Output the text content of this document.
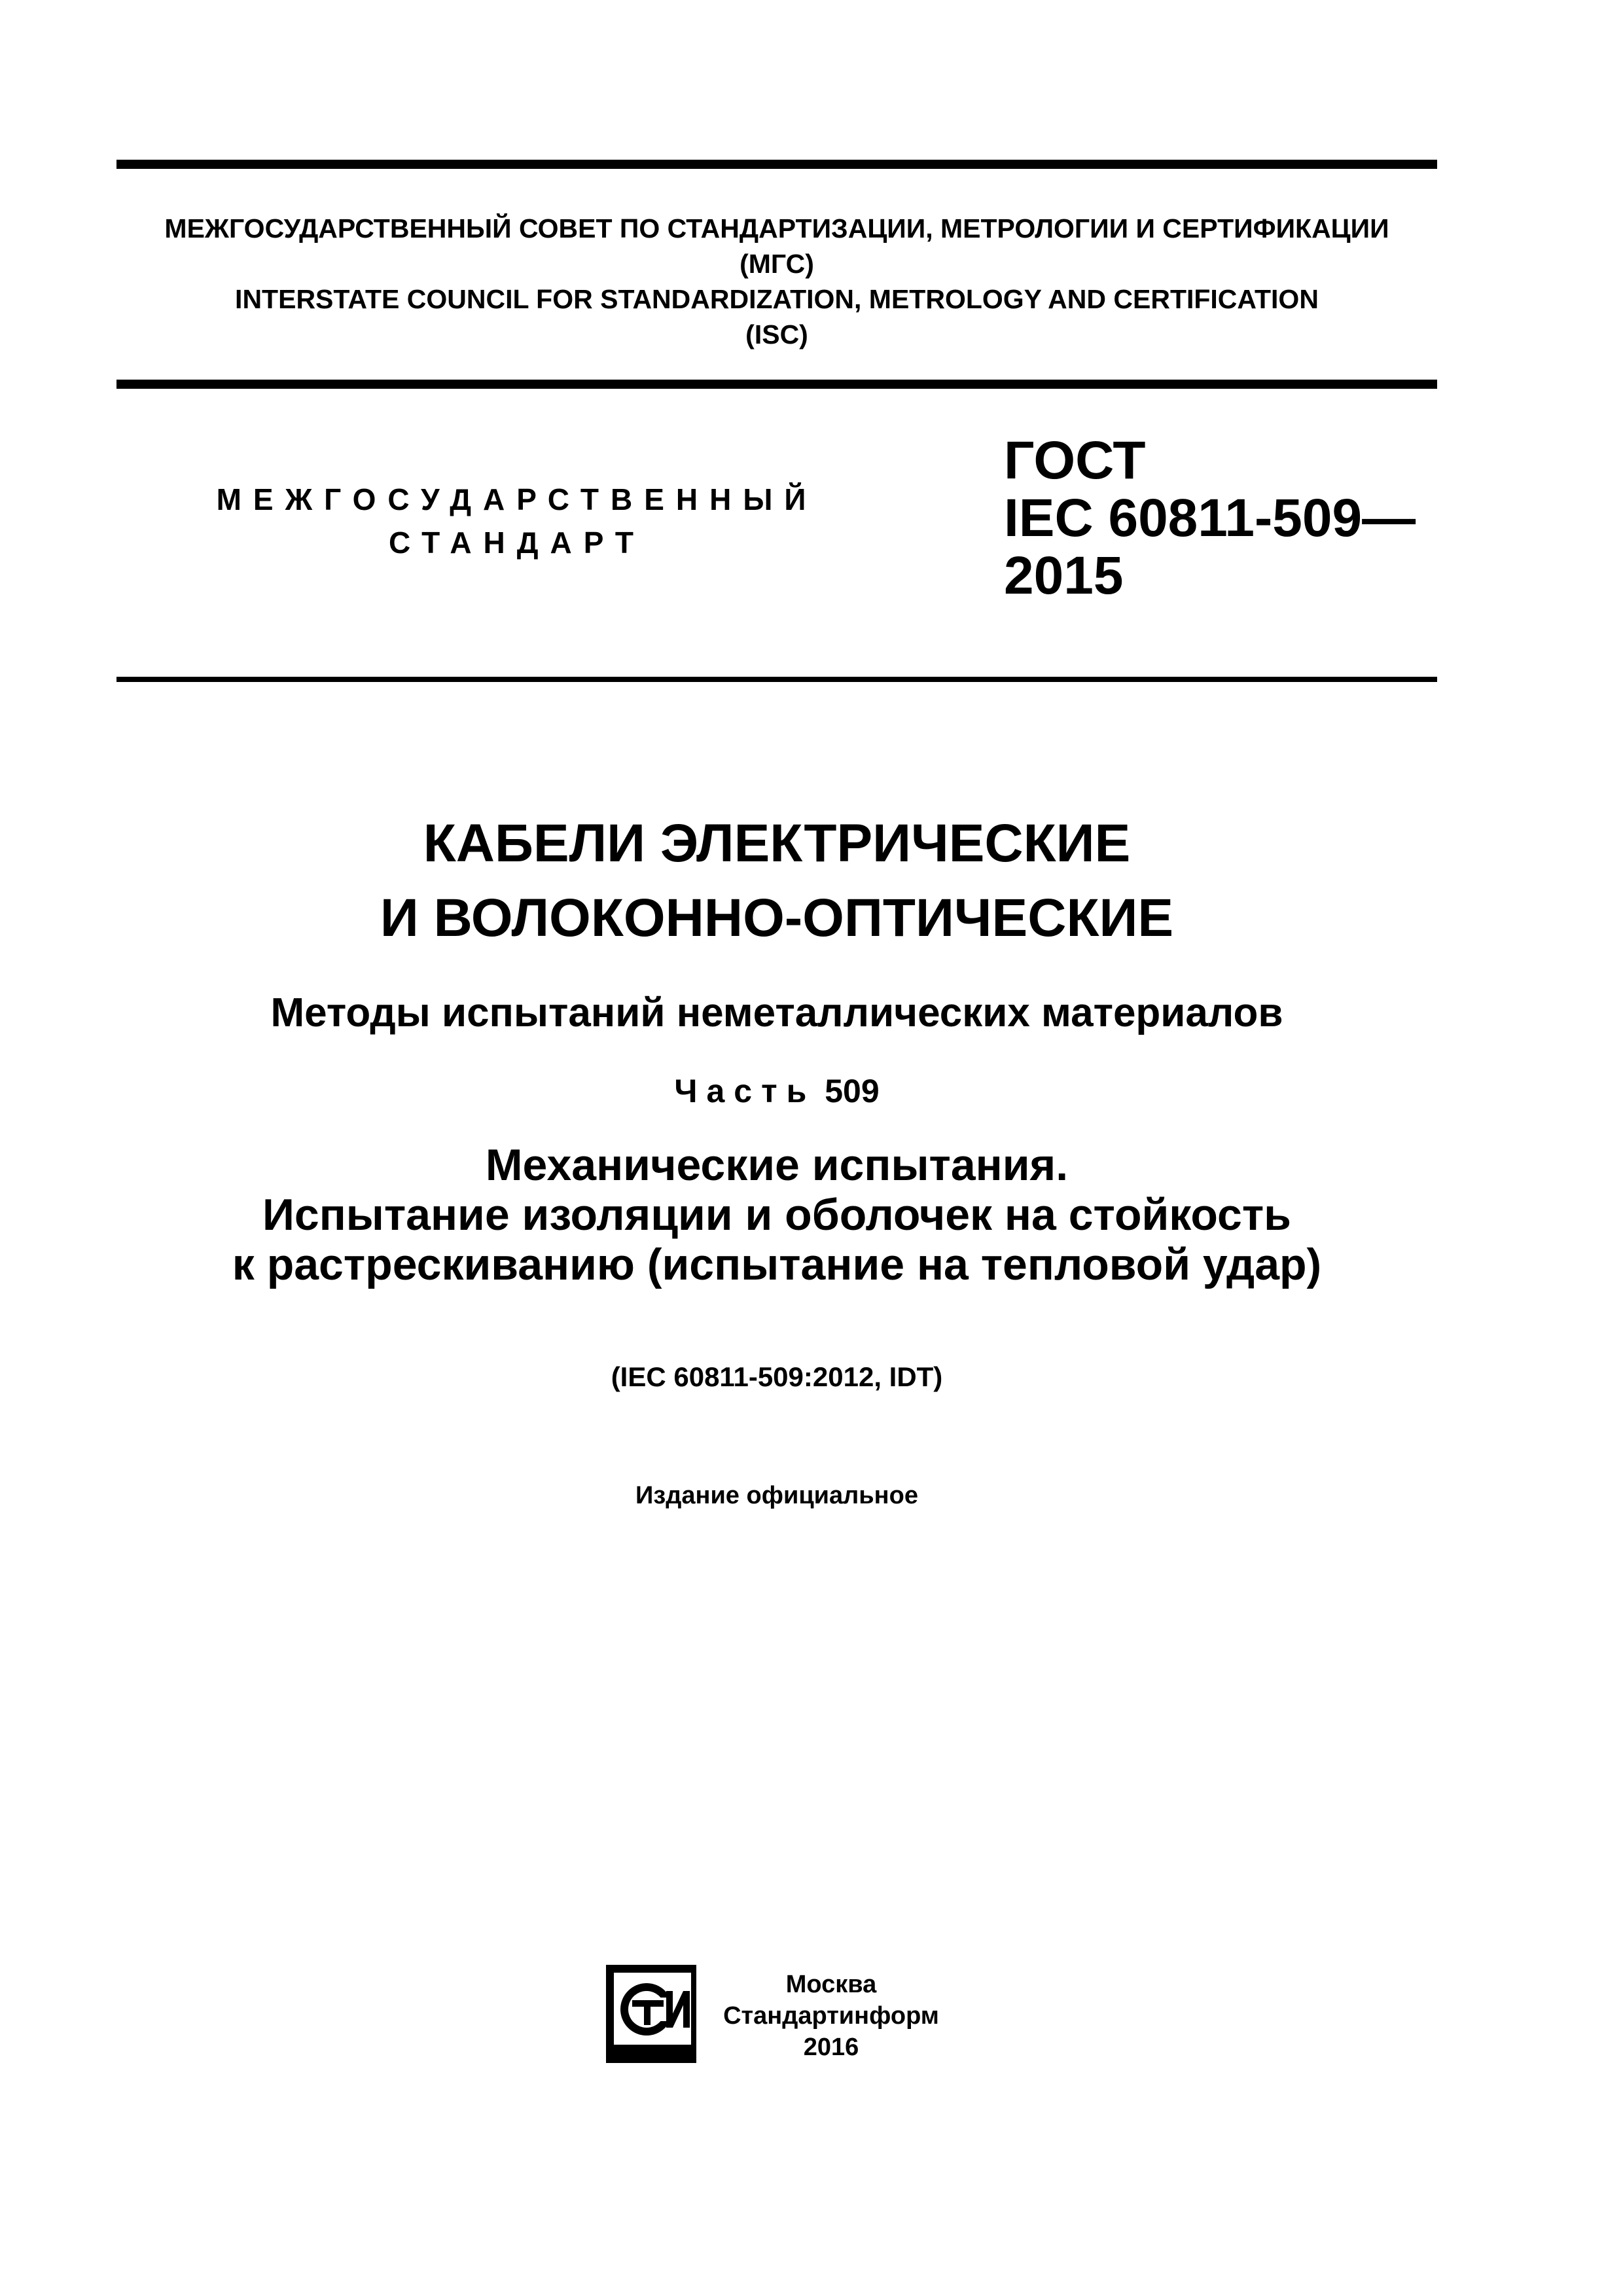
МЕЖГОСУДАРСТВЕННЫЙ СОВЕТ ПО СТАНДАРТИЗАЦИИ, МЕТРОЛОГИИ И СЕРТИФИКАЦИИ
(МГС)
INTERSTATE COUNCIL FOR STANDARDIZATION, METROLOGY AND CERTIFICATION
(ISC)
МЕЖГОСУДАРСТВЕННЫЙ
СТАНДАРТ
ГОСТ
IEC 60811-509—
2015
КАБЕЛИ ЭЛЕКТРИЧЕСКИЕ
И ВОЛОКОННО-ОПТИЧЕСКИЕ
Методы испытаний неметаллических материалов
Часть 509
Механические испытания.
Испытание изоляции и оболочек на стойкость
к растрескиванию (испытание на тепловой удар)
(IEC 60811-509:2012, IDT)
Издание официальное
Москва
Стандартинформ
2016
